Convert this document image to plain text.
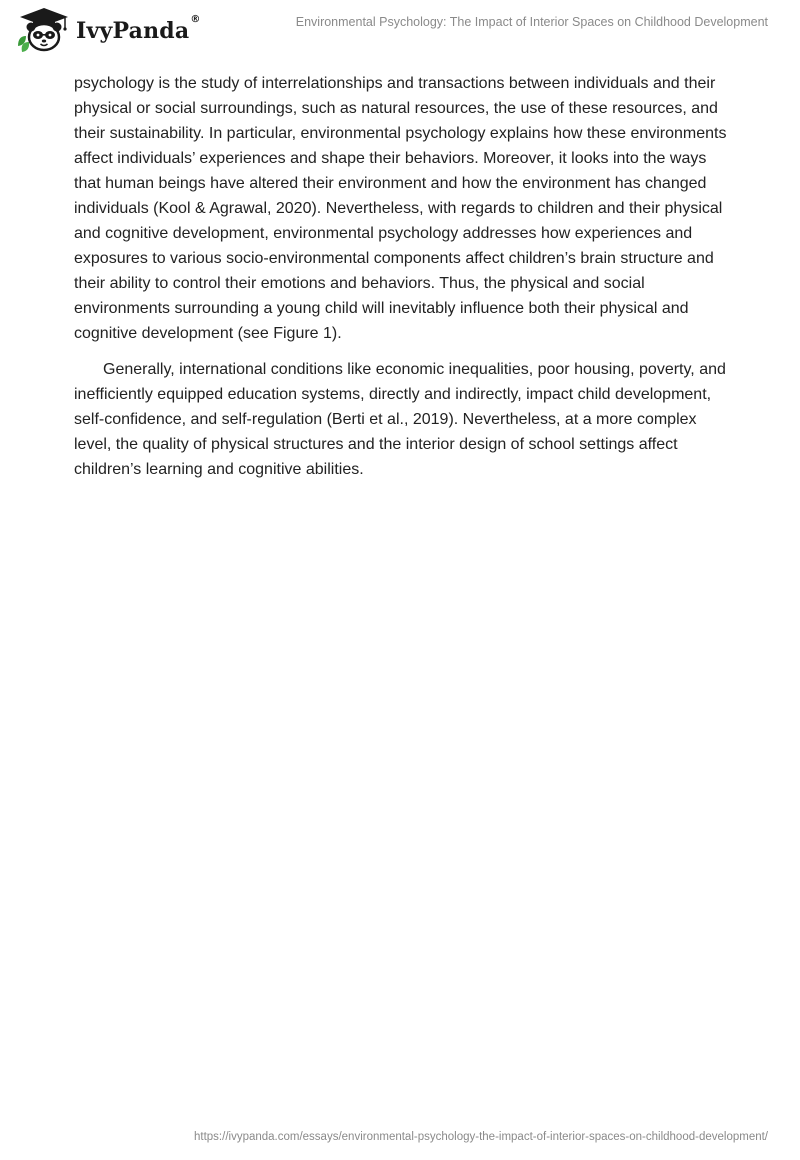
IvyPanda®	Environmental Psychology: The Impact of Interior Spaces on Childhood Development

psychology is the study of interrelationships and transactions between individuals and their physical or social surroundings, such as natural resources, the use of these resources, and their sustainability. In particular, environmental psychology explains how these environments affect individuals’ experiences and shape their behaviors. Moreover, it looks into the ways that human beings have altered their environment and how the environment has changed individuals (Kool & Agrawal, 2020). Nevertheless, with regards to children and their physical and cognitive development, environmental psychology addresses how experiences and exposures to various socio-environmental components affect children’s brain structure and their ability to control their emotions and behaviors. Thus, the physical and social environments surrounding a young child will inevitably influence both their physical and cognitive development (see Figure 1).

Generally, international conditions like economic inequalities, poor housing, poverty, and inefficiently equipped education systems, directly and indirectly, impact child development, self-confidence, and self-regulation (Berti et al., 2019). Nevertheless, at a more complex level, the quality of physical structures and the interior design of school settings affect children’s learning and cognitive abilities.

https://ivypanda.com/essays/environmental-psychology-the-impact-of-interior-spaces-on-childhood-development/
